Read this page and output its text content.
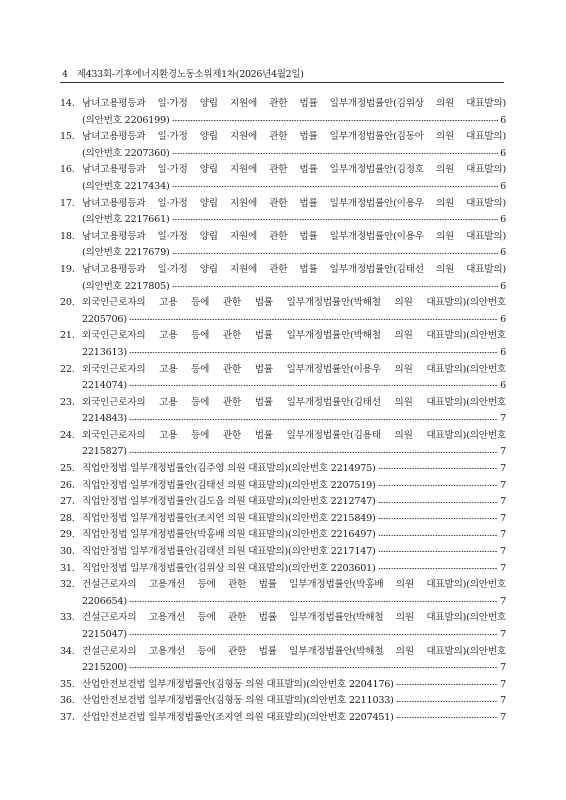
4 제433회-기후에너지환경노동소위제1차(2026년4월2일)
14. 남녀고용평등과 일·가정 양립 지원에 관한 법률 일부개정법률안(김위상 의원 대표발의)
(의안번호 2206199)	6
15. 남녀고용평등과 일·가정 양립 지원에 관한 법률 일부개정법률안(김동아 의원 대표발의)
(의안번호 2207360)	6
16. 남녀고용평등과 일·가정 양립 지원에 관한 법률 일부개정법률안(김정호 의원 대표발의)
(의안번호 2217434)	6
17. 남녀고용평등과 일·가정 양립 지원에 관한 법률 일부개정법률안(이용우 의원 대표발의)
(의안번호 2217661)	6
18. 남녀고용평등과 일·가정 양립 지원에 관한 법률 일부개정법률안(이용우 의원 대표발의)
(의안번호 2217679)	6
19. 남녀고용평등과 일·가정 양립 지원에 관한 법률 일부개정법률안(김태선 의원 대표발의)
(의안번호 2217805)	6
20. 외국인근로자의 고용 등에 관한 법률 일부개정법률안(박해철 의원 대표발의)(의안번호
2205706)	6
21. 외국인근로자의 고용 등에 관한 법률 일부개정법률안(박해철 의원 대표발의)(의안번호
2213613)	6
22. 외국인근로자의 고용 등에 관한 법률 일부개정법률안(이용우 의원 대표발의)(의안번호
2214074)	6
23. 외국인근로자의 고용 등에 관한 법률 일부개정법률안(김태선 의원 대표발의)(의안번호
2214843)	7
24. 외국인근로자의 고용 등에 관한 법률 일부개정법률안(김용태 의원 대표발의)(의안번호
2215827)	7
25. 직업안정법 일부개정법률안(김주영 의원 대표발의)(의안번호 2214975)	7
26. 직업안정법 일부개정법률안(김태선 의원 대표발의)(의안번호 2207519)	7
27. 직업안정법 일부개정법률안(김도읍 의원 대표발의)(의안번호 2212747)	7
28. 직업안정법 일부개정법률안(조지연 의원 대표발의)(의안번호 2215849)	7
29. 직업안정법 일부개정법률안(박홍배 의원 대표발의)(의안번호 2216497)	7
30. 직업안정법 일부개정법률안(김태선 의원 대표발의)(의안번호 2217147)	7
31. 직업안정법 일부개정법률안(김위상 의원 대표발의)(의안번호 2203601)	7
32. 건설근로자의 고용개선 등에 관한 법률 일부개정법률안(박홍배 의원 대표발의)(의안번호
2206654)	7
33. 건설근로자의 고용개선 등에 관한 법률 일부개정법률안(박해철 의원 대표발의)(의안번호
2215047)	7
34. 건설근로자의 고용개선 등에 관한 법률 일부개정법률안(박해철 의원 대표발의)(의안번호
2215200)	7
35. 산업안전보건법 일부개정법률안(김형동 의원 대표발의)(의안번호 2204176)	7
36. 산업안전보건법 일부개정법률안(김형동 의원 대표발의)(의안번호 2211033)	7
37. 산업안전보건법 일부개정법률안(조지연 의원 대표발의)(의안번호 2207451)	7
